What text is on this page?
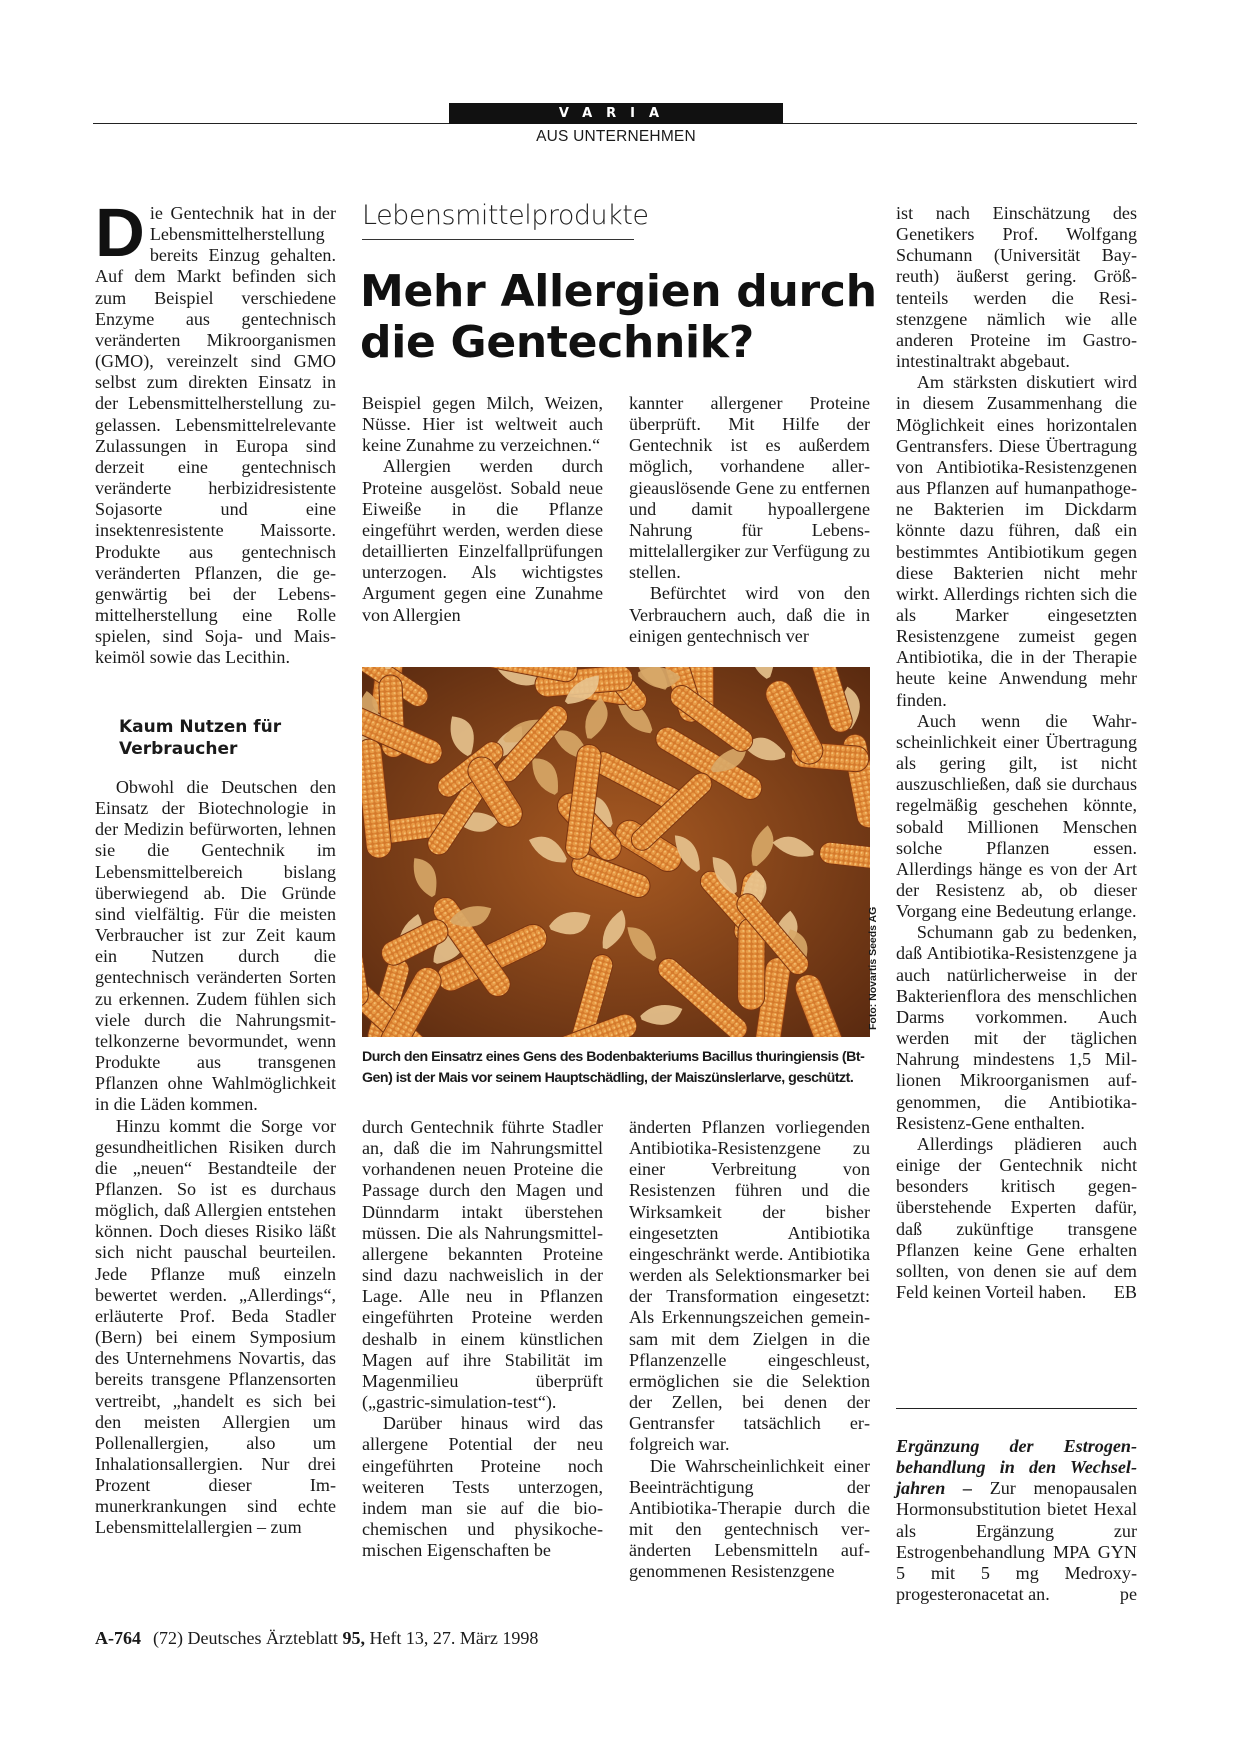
VARIA
AUS UNTERNEHMEN

Die Gentechnik hat in der Lebensmittelherstellung bereits Einzug gehalten. Auf dem Markt befinden sich zum Beispiel verschiedene Enzyme aus gentechnisch veränderten Mikroorganismen (GMO), vereinzelt sind GMO selbst zum direkten Einsatz in der Lebensmittelherstellung zugelassen. Lebensmittelrelevante Zulassungen in Europa sind derzeit eine gentechnisch veränderte herbizidresistente Sojasorte und eine insektenresistente Maissorte. Produkte aus gentechnisch veränderten Pflanzen, die gegenwärtig bei der Lebensmittelherstellung eine Rolle spielen, sind Soja- und Maiskeimöl sowie das Lecithin.

Kaum Nutzen für Verbraucher

Obwohl die Deutschen den Einsatz der Biotechnologie in der Medizin befürworten, lehnen sie die Gentechnik im Lebensmittelbereich bislang überwiegend ab. Die Gründe sind vielfältig. Für die meisten Verbraucher ist zur Zeit kaum ein Nutzen durch die gentechnisch veränderten Sorten zu erkennen. Zudem fühlen sich viele durch die Nahrungsmittelkonzerne bevormundet, wenn Produkte aus transgenen Pflanzen ohne Wahlmöglichkeit in die Läden kommen.

Hinzu kommt die Sorge vor gesundheitlichen Risiken durch die „neuen“ Bestandteile der Pflanzen. So ist es durchaus möglich, daß Allergien entstehen können. Doch dieses Risiko läßt sich nicht pauschal beurteilen. Jede Pflanze muß einzeln bewertet werden. „Allerdings“, erläuterte Prof. Beda Stadler (Bern) bei einem Symposium des Unternehmens Novartis, das bereits transgene Pflanzensorten vertreibt, „handelt es sich bei den meisten Allergien um Pollenallergien, also um Inhalationsallergien. Nur drei Prozent dieser Immunerkrankungen sind echte Lebensmittelallergien – zum

Lebensmittelprodukte
Mehr Allergien durch die Gentechnik?

Beispiel gegen Milch, Weizen, Nüsse. Hier ist weltweit auch keine Zunahme zu verzeichnen.“

Allergien werden durch Proteine ausgelöst. Sobald neue Eiweiße in die Pflanze eingeführt werden, werden diese detaillierten Einzelfallprüfungen unterzogen. Als wichtigstes Argument gegen eine Zunahme von Allergien

kannter allergener Proteine überprüft. Mit Hilfe der Gentechnik ist es außerdem möglich, vorhandene allergieauslösende Gene zu entfernen und damit hypoallergene Nahrung für Lebensmittelallergiker zur Verfügung zu stellen.

Befürchtet wird von den Verbrauchern auch, daß die in einigen gentechnisch ver

Foto: Novartis Seeds AG
Durch den Einsatrz eines Gens des Bodenbakteriums Bacillus thuringiensis (Bt-Gen) ist der Mais vor seinem Hauptschädling, der Maiszünslerlarve, geschützt.

durch Gentechnik führte Stadler an, daß die im Nahrungsmittel vorhandenen neuen Proteine die Passage durch den Magen und Dünndarm intakt überstehen müssen. Die als Nahrungsmittelallergene bekannten Proteine sind dazu nachweislich in der Lage. Alle neu in Pflanzen eingeführten Proteine werden deshalb in einem künstlichen Magen auf ihre Stabilität im Magenmilieu überprüft („gastric-simulation-test“).

Darüber hinaus wird das allergene Potential der neu eingeführten Proteine noch weiteren Tests unterzogen, indem man sie auf die biochemischen und physikochemischen Eigenschaften be

änderten Pflanzen vorliegenden Antibiotika-Resistenzgene zu einer Verbreitung von Resistenzen führen und die Wirksamkeit der bisher eingesetzten Antibiotika eingeschränkt werde. Antibiotika werden als Selektionsmarker bei der Transformation eingesetzt: Als Erkennungszeichen gemeinsam mit dem Zielgen in die Pflanzenzelle eingeschleust, ermöglichen sie die Selektion der Zellen, bei denen der Gentransfer tatsächlich erfolgreich war.

Die Wahrscheinlichkeit einer Beeinträchtigung der Antibiotika-Therapie durch die mit den gentechnisch veränderten Lebensmitteln aufgenommenen Resistenzgene

ist nach Einschätzung des Genetikers Prof. Wolfgang Schumann (Universität Bayreuth) äußerst gering. Größtenteils werden die Resistenzgene nämlich wie alle anderen Proteine im Gastrointestinaltrakt abgebaut.

Am stärksten diskutiert wird in diesem Zusammenhang die Möglichkeit eines horizontalen Gentransfers. Diese Übertragung von Antibiotika-Resistenzgenen aus Pflanzen auf humanpathogene Bakterien im Dickdarm könnte dazu führen, daß ein bestimmtes Antibiotikum gegen diese Bakterien nicht mehr wirkt. Allerdings richten sich die als Marker eingesetzten Resistenzgene zumeist gegen Antibiotika, die in der Therapie heute keine Anwendung mehr finden.

Auch wenn die Wahrscheinlichkeit einer Übertragung als gering gilt, ist nicht auszuschließen, daß sie durchaus regelmäßig geschehen könnte, sobald Millionen Menschen solche Pflanzen essen. Allerdings hänge es von der Art der Resistenz ab, ob dieser Vorgang eine Bedeutung erlange.

Schumann gab zu bedenken, daß Antibiotika-Resistenzgene ja auch natürlicherweise in der Bakterienflora des menschlichen Darms vorkommen. Auch werden mit der täglichen Nahrung mindestens 1,5 Millionen Mikroorganismen aufgenommen, die Antibiotika-Resistenz-Gene enthalten.

Allerdings plädieren auch einige der Gentechnik nicht besonders kritisch gegenüberstehende Experten dafür, daß zukünftige transgene Pflanzen keine Gene erhalten sollten, von denen sie auf dem Feld keinen Vorteil haben.	EB

Ergänzung der Estrogenbehandlung in den Wechseljahren – Zur menopausalen Hormonsubstitution bietet Hexal als Ergänzung zur Estrogenbehandlung MPA GYN 5 mit 5 mg Medroxyprogesteronacetat an.	pe

A-764 (72) Deutsches Ärzteblatt 95, Heft 13, 27. März 1998
